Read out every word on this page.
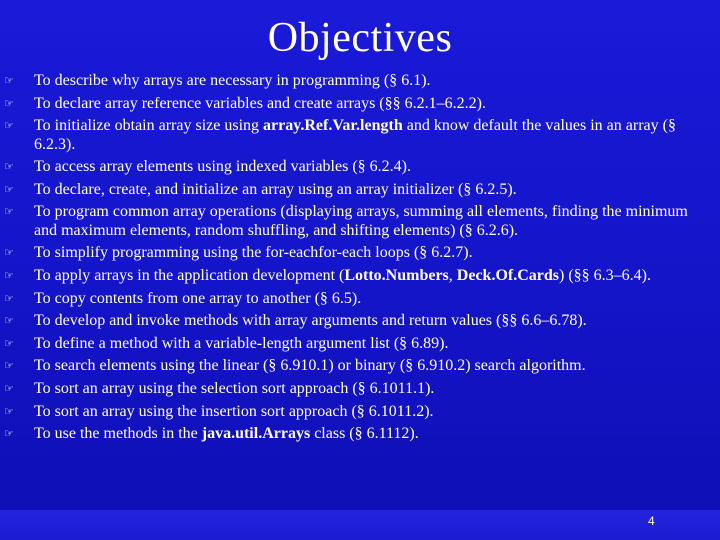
Objectives
☞	To describe why arrays are necessary in programming (§ 6.1).
☞	To declare array reference variables and create arrays (§§ 6.2.1–6.2.2).
☞	To initialize obtain array size using array.Ref.Var.length and know default the values in an array (§ 6.2.3).
☞	To access array elements using indexed variables (§ 6.2.4).
☞	To declare, create, and initialize an array using an array initializer (§ 6.2.5).
☞	To program common array operations (displaying arrays, summing all elements, finding the minimum and maximum elements, random shuffling, and shifting elements) (§ 6.2.6).
☞	To simplify programming using the for-eachfor-each loops (§ 6.2.7).
☞	To apply arrays in the application development (Lotto.Numbers, Deck.Of.Cards) (§§ 6.3–6.4).
☞	To copy contents from one array to another (§ 6.5).
☞	To develop and invoke methods with array arguments and return values (§§ 6.6–6.78).
☞	To define a method with a variable-length argument list (§ 6.89).
☞	To search elements using the linear (§ 6.910.1) or binary (§ 6.910.2) search algorithm.
☞	To sort an array using the selection sort approach (§ 6.1011.1).
☞	To sort an array using the insertion sort approach (§ 6.1011.2).
☞	To use the methods in the java.util.Arrays class (§ 6.1112).
4
